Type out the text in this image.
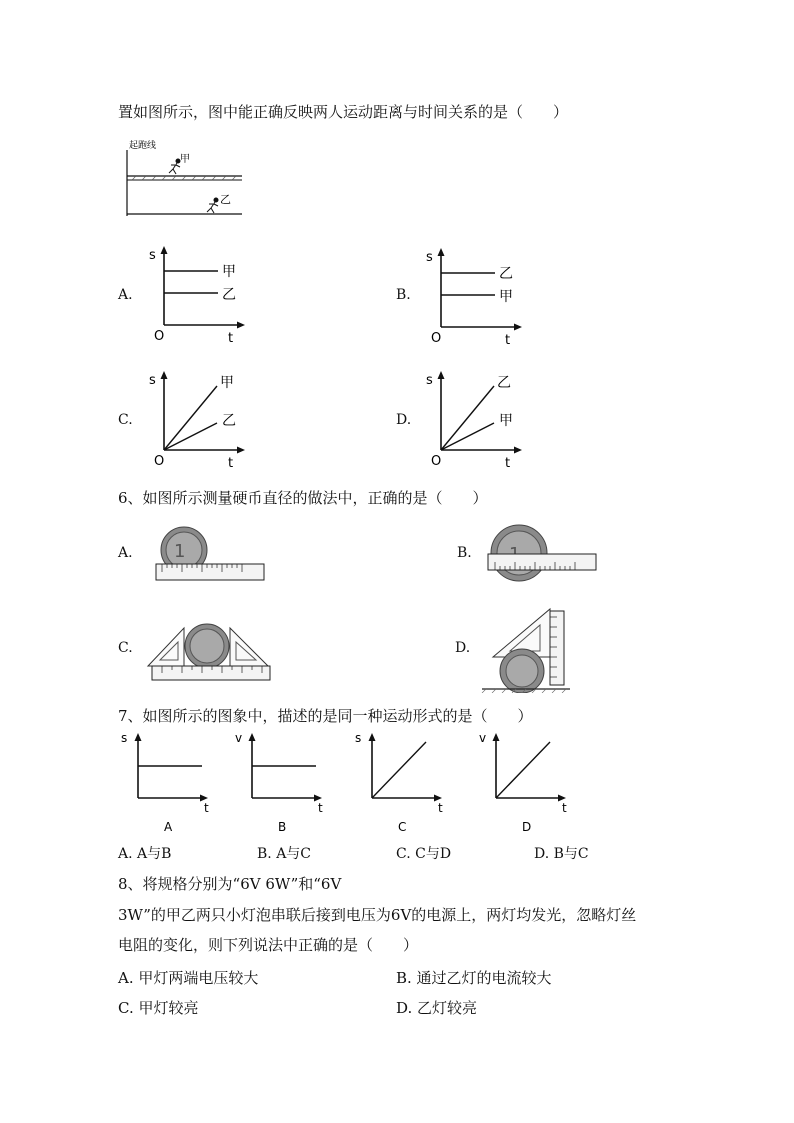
置如图所示，图中能正确反映两人运动距离与时间关系的是（　　）
起跑线
甲
乙
A.
s
t
O
甲
乙	B.
s
t
O
乙
甲
C.
s
t
O
甲
乙	D.
s
t
O
乙
甲
6、如图所示测量硬币直径的做法中，正确的是（　　）
A. 1	B.
C.	D.
7、如图所示的图象中，描述的是同一种运动形式的是（　　）
s
t
A
v
t
B
s
t
C
v
t
D
A. A与B	B. A与C	C. C与D	D. B与C
8、将规格分别为“6V 6W”和“6V
3W”的甲乙两只小灯泡串联后接到电压为6V的电源上，两灯均发光，忽略灯丝
电阻的变化，则下列说法中正确的是（　　）
A. 甲灯两端电压较大	B. 通过乙灯的电流较大
C. 甲灯较亮	D. 乙灯较亮
